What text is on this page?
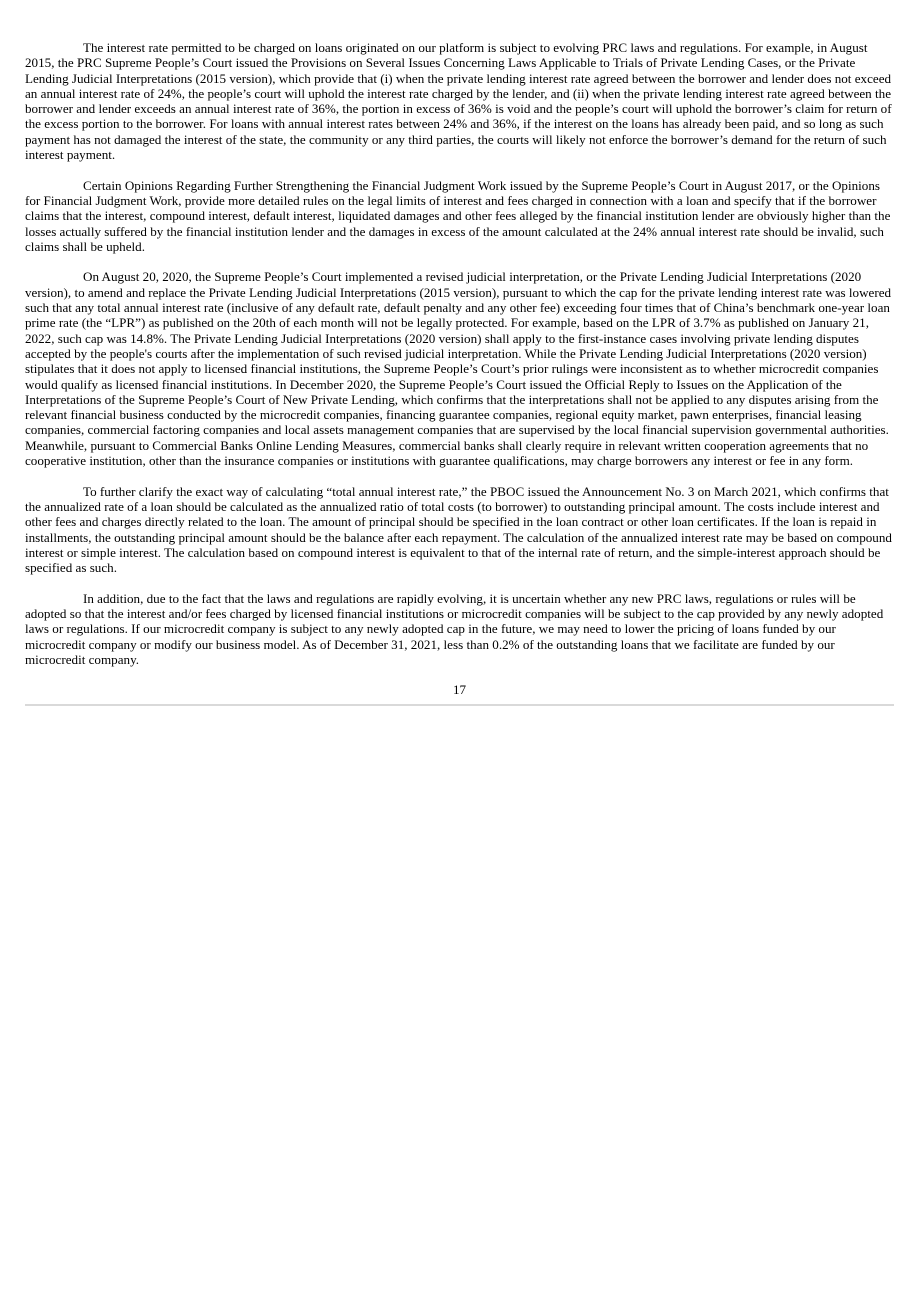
The interest rate permitted to be charged on loans originated on our platform is subject to evolving PRC laws and regulations. For example, in August 2015, the PRC Supreme People’s Court issued the Provisions on Several Issues Concerning Laws Applicable to Trials of Private Lending Cases, or the Private Lending Judicial Interpretations (2015 version), which provide that (i) when the private lending interest rate agreed between the borrower and lender does not exceed an annual interest rate of 24%, the people’s court will uphold the interest rate charged by the lender, and (ii) when the private lending interest rate agreed between the borrower and lender exceeds an annual interest rate of 36%, the portion in excess of 36% is void and the people’s court will uphold the borrower’s claim for return of the excess portion to the borrower. For loans with annual interest rates between 24% and 36%, if the interest on the loans has already been paid, and so long as such payment has not damaged the interest of the state, the community or any third parties, the courts will likely not enforce the borrower’s demand for the return of such interest payment.

Certain Opinions Regarding Further Strengthening the Financial Judgment Work issued by the Supreme People’s Court in August 2017, or the Opinions for Financial Judgment Work, provide more detailed rules on the legal limits of interest and fees charged in connection with a loan and specify that if the borrower claims that the interest, compound interest, default interest, liquidated damages and other fees alleged by the financial institution lender are obviously higher than the losses actually suffered by the financial institution lender and the damages in excess of the amount calculated at the 24% annual interest rate should be invalid, such claims shall be upheld.

On August 20, 2020, the Supreme People’s Court implemented a revised judicial interpretation, or the Private Lending Judicial Interpretations (2020 version), to amend and replace the Private Lending Judicial Interpretations (2015 version), pursuant to which the cap for the private lending interest rate was lowered such that any total annual interest rate (inclusive of any default rate, default penalty and any other fee) exceeding four times that of China’s benchmark one-year loan prime rate (the “LPR”) as published on the 20th of each month will not be legally protected. For example, based on the LPR of 3.7% as published on January 21, 2022, such cap was 14.8%. The Private Lending Judicial Interpretations (2020 version) shall apply to the first-instance cases involving private lending disputes accepted by the people's courts after the implementation of such revised judicial interpretation. While the Private Lending Judicial Interpretations (2020 version) stipulates that it does not apply to licensed financial institutions, the Supreme People’s Court’s prior rulings were inconsistent as to whether microcredit companies would qualify as licensed financial institutions. In December 2020, the Supreme People’s Court issued the Official Reply to Issues on the Application of the Interpretations of the Supreme People’s Court of New Private Lending, which confirms that the interpretations shall not be applied to any disputes arising from the relevant financial business conducted by the microcredit companies, financing guarantee companies, regional equity market, pawn enterprises, financial leasing companies, commercial factoring companies and local assets management companies that are supervised by the local financial supervision governmental authorities. Meanwhile, pursuant to Commercial Banks Online Lending Measures, commercial banks shall clearly require in relevant written cooperation agreements that no cooperative institution, other than the insurance companies or institutions with guarantee qualifications, may charge borrowers any interest or fee in any form.

To further clarify the exact way of calculating “total annual interest rate,” the PBOC issued the Announcement No. 3 on March 2021, which confirms that the annualized rate of a loan should be calculated as the annualized ratio of total costs (to borrower) to outstanding principal amount. The costs include interest and other fees and charges directly related to the loan. The amount of principal should be specified in the loan contract or other loan certificates. If the loan is repaid in installments, the outstanding principal amount should be the balance after each repayment. The calculation of the annualized interest rate may be based on compound interest or simple interest. The calculation based on compound interest is equivalent to that of the internal rate of return, and the simple-interest approach should be specified as such.

In addition, due to the fact that the laws and regulations are rapidly evolving, it is uncertain whether any new PRC laws, regulations or rules will be adopted so that the interest and/or fees charged by licensed financial institutions or microcredit companies will be subject to the cap provided by any newly adopted laws or regulations. If our microcredit company is subject to any newly adopted cap in the future, we may need to lower the pricing of loans funded by our microcredit company or modify our business model. As of December 31, 2021, less than 0.2% of the outstanding loans that we facilitate are funded by our microcredit company.

17
